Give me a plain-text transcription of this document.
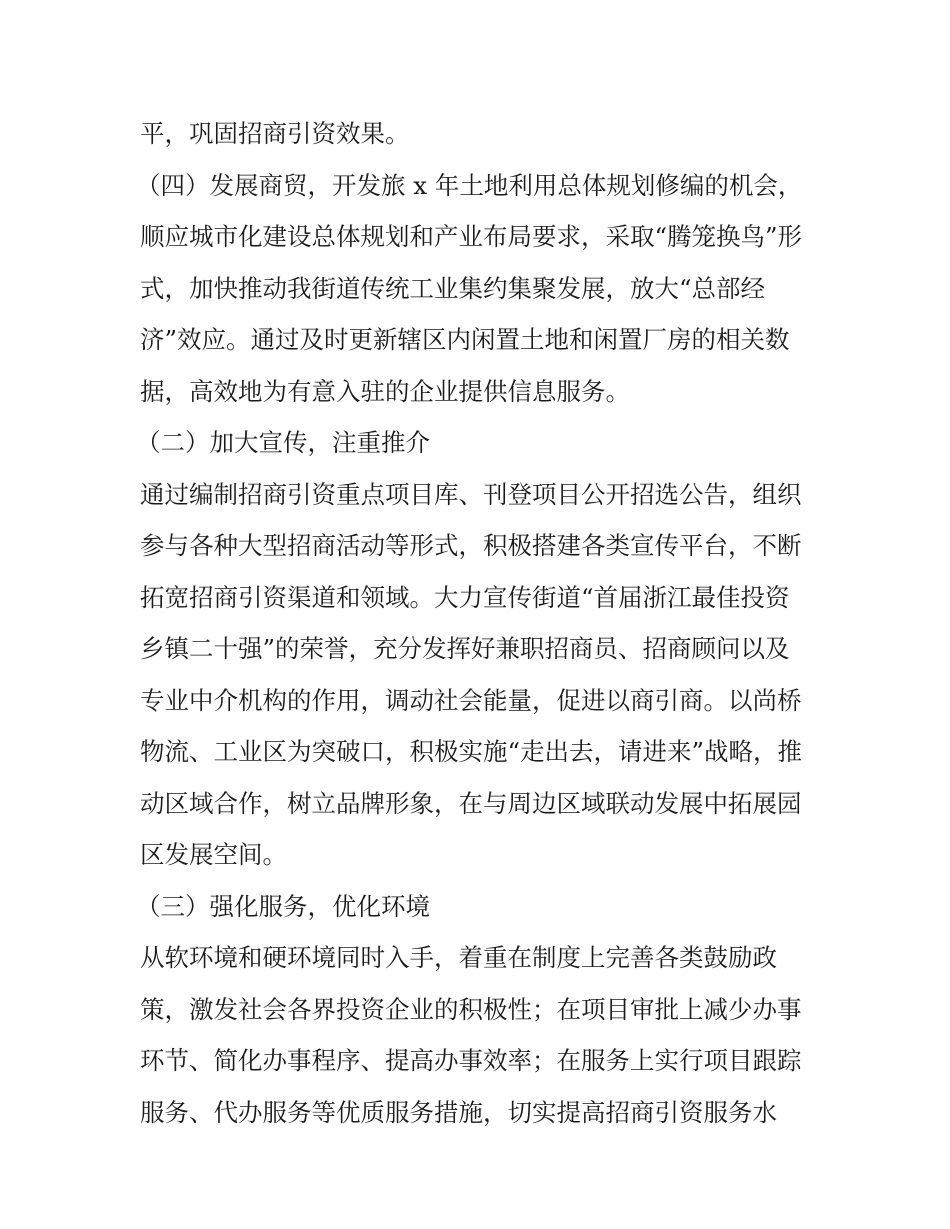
平，巩固招商引资效果。
（四）发展商贸，开发旅 x 年土地利用总体规划修编的机会，
顺应城市化建设总体规划和产业布局要求，采取“腾笼换鸟”形
式，加快推动我街道传统工业集约集聚发展，放大“总部经
济”效应。通过及时更新辖区内闲置土地和闲置厂房的相关数
据，高效地为有意入驻的企业提供信息服务。
（二）加大宣传，注重推介
通过编制招商引资重点项目库、刊登项目公开招选公告，组织
参与各种大型招商活动等形式，积极搭建各类宣传平台，不断
拓宽招商引资渠道和领域。大力宣传街道“首届浙江最佳投资
乡镇二十强”的荣誉，充分发挥好兼职招商员、招商顾问以及
专业中介机构的作用，调动社会能量，促进以商引商。以尚桥
物流、工业区为突破口，积极实施“走出去，请进来”战略，推
动区域合作，树立品牌形象，在与周边区域联动发展中拓展园
区发展空间。
（三）强化服务，优化环境
从软环境和硬环境同时入手，着重在制度上完善各类鼓励政
策，激发社会各界投资企业的积极性；在项目审批上减少办事
环节、简化办事程序、提高办事效率；在服务上实行项目跟踪
服务、代办服务等优质服务措施，切实提高招商引资服务水
